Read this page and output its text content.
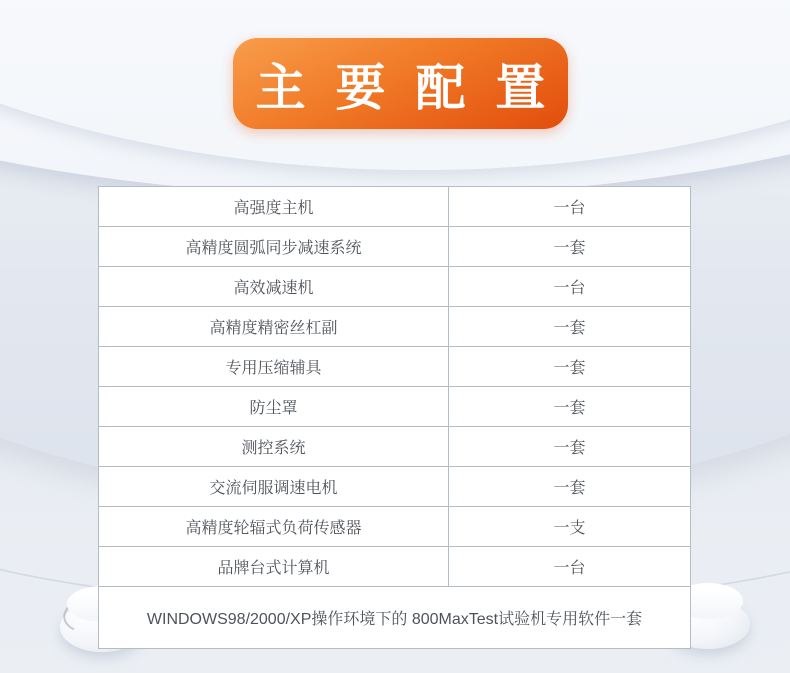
主 要 配 置
高强度主机	一台
高精度圆弧同步减速系统	一套
高效减速机	一台
高精度精密丝杠副	一套
专用压缩辅具	一套
防尘罩	一套
测控系统	一套
交流伺服调速电机	一套
高精度轮辐式负荷传感器	一支
品牌台式计算机	一台
WINDOWS98/2000/XP操作环境下的 800MaxTest试验机专用软件一套	
